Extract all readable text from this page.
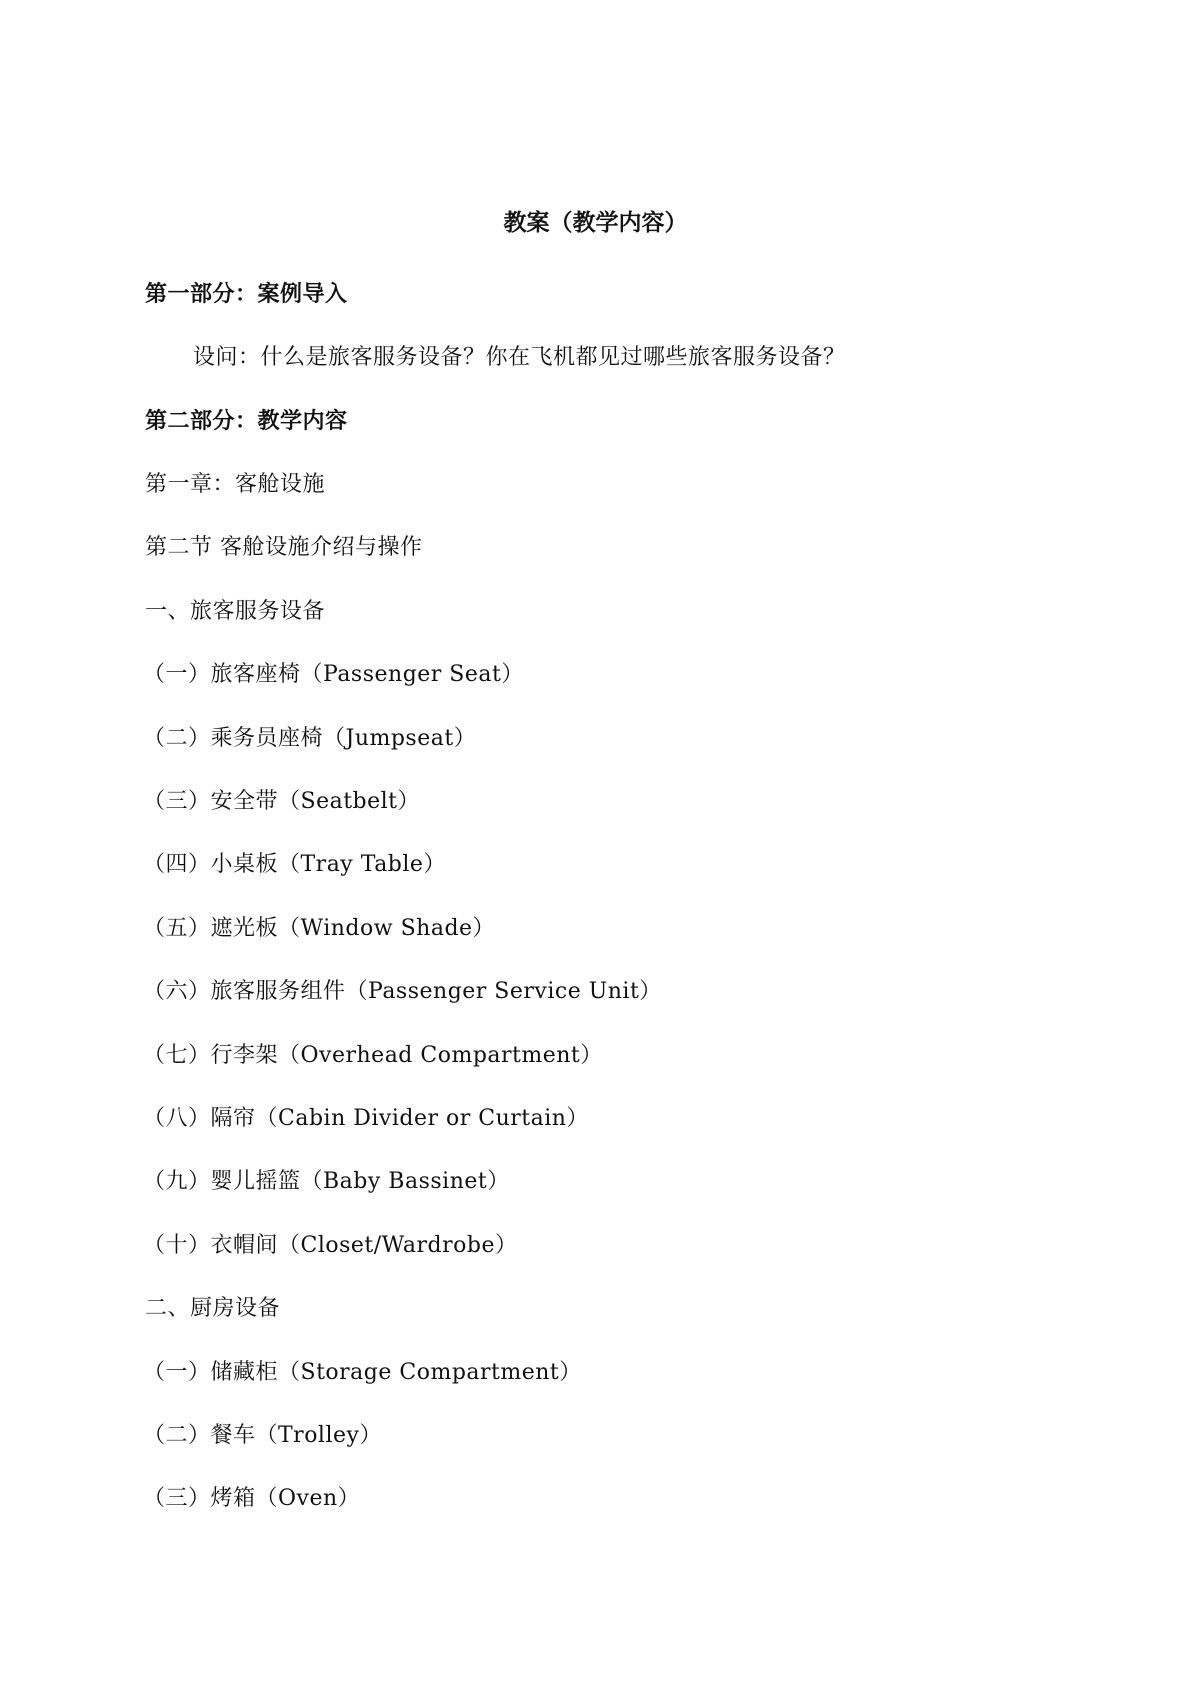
教案（教学内容）
第一部分：案例导入
设问：什么是旅客服务设备？你在飞机都见过哪些旅客服务设备？
第二部分：教学内容
第一章：客舱设施
第二节 客舱设施介绍与操作
一、旅客服务设备
（一）旅客座椅（Passenger Seat）
（二）乘务员座椅（Jumpseat）
（三）安全带（Seatbelt）
（四）小桌板（Tray Table）
（五）遮光板（Window Shade）
（六）旅客服务组件（Passenger Service Unit）
（七）行李架（Overhead Compartment）
（八）隔帘（Cabin Divider or Curtain）
（九）婴儿摇篮（Baby Bassinet）
（十）衣帽间（Closet/Wardrobe）
二、厨房设备
（一）储藏柜（Storage Compartment）
（二）餐车（Trolley）
（三）烤箱（Oven）
